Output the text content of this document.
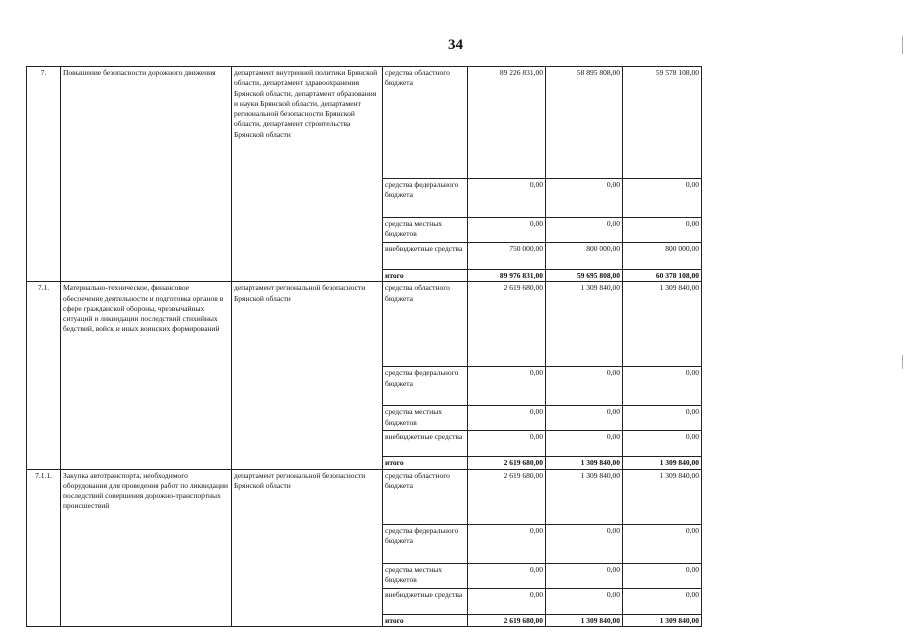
34
7.	Повышение безопасности дорожного движения	департамент внутренней политики Брянской области, департамент здравоохранения Брянской области, департамент образования и науки Брянской области, департамент региональной безопасности Брянской области, департамент строительства Брянской области	средства областного бюджета	89 226 831,00	58 895 808,00	59 578 108,00	
			средства федерального бюджета	0,00	0,00	0,00	
			средства местных бюджетов	0,00	0,00	0,00	
			внебюджетные средства	750 000,00	800 000,00	800 000,00	
			итого	89 976 831,00	59 695 808,00	60 378 108,00	
7.1.	Материально-техническое, финансовое обеспечение деятельности и подготовка органов в сфере гражданской обороны, чрезвычайных ситуаций и ликвидации последствий стихийных бедствий, войск и иных воинских формирований	департамент региональной безопасности Брянской области	средства областного бюджета	2 619 680,00	1 309 840,00	1 309 840,00	
			средства федерального бюджета	0,00	0,00	0,00	
			средства местных бюджетов	0,00	0,00	0,00	
			внебюджетные средства	0,00	0,00	0,00	
			итого	2 619 680,00	1 309 840,00	1 309 840,00	
7.1.1.	Закупка автотранспорта, необходимого оборудования для проведения работ по ликвидации последствий совершения дорожно-транспортных происшествий	департамент региональной безопасности Брянской области	средства областного бюджета	2 619 680,00	1 309 840,00	1 309 840,00	
			средства федерального бюджета	0,00	0,00	0,00	
			средства местных бюджетов	0,00	0,00	0,00	
			внебюджетные средства	0,00	0,00	0,00	
			итого	2 619 680,00	1 309 840,00	1 309 840,00	
